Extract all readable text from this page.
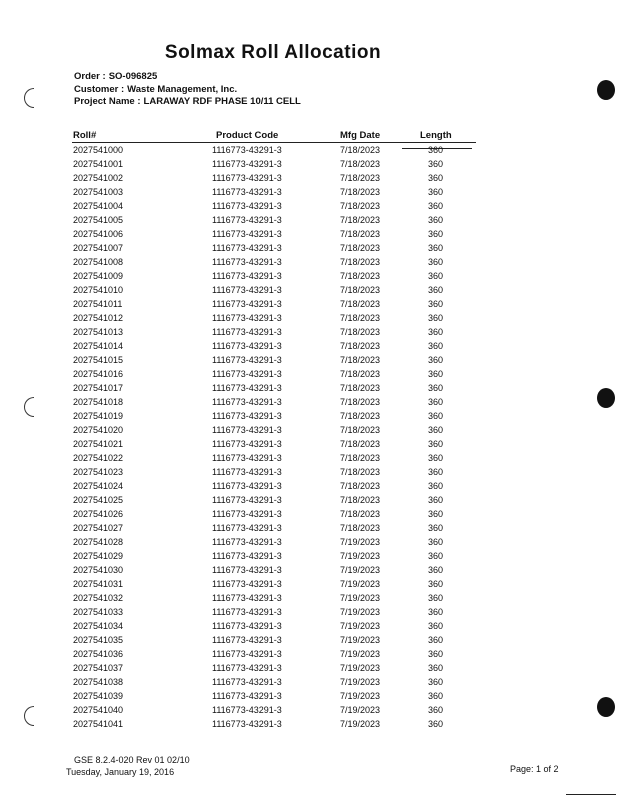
Solmax Roll Allocation
Order : SO-096825
Customer : Waste Management, Inc.
Project Name : LARAWAY RDF PHASE 10/11 CELL
Roll#	Product Code	Mfg Date	Length
2027541000	1116773-43291-3	7/18/2023	360
2027541001	1116773-43291-3	7/18/2023	360
2027541002	1116773-43291-3	7/18/2023	360
2027541003	1116773-43291-3	7/18/2023	360
2027541004	1116773-43291-3	7/18/2023	360
2027541005	1116773-43291-3	7/18/2023	360
2027541006	1116773-43291-3	7/18/2023	360
2027541007	1116773-43291-3	7/18/2023	360
2027541008	1116773-43291-3	7/18/2023	360
2027541009	1116773-43291-3	7/18/2023	360
2027541010	1116773-43291-3	7/18/2023	360
2027541011	1116773-43291-3	7/18/2023	360
2027541012	1116773-43291-3	7/18/2023	360
2027541013	1116773-43291-3	7/18/2023	360
2027541014	1116773-43291-3	7/18/2023	360
2027541015	1116773-43291-3	7/18/2023	360
2027541016	1116773-43291-3	7/18/2023	360
2027541017	1116773-43291-3	7/18/2023	360
2027541018	1116773-43291-3	7/18/2023	360
2027541019	1116773-43291-3	7/18/2023	360
2027541020	1116773-43291-3	7/18/2023	360
2027541021	1116773-43291-3	7/18/2023	360
2027541022	1116773-43291-3	7/18/2023	360
2027541023	1116773-43291-3	7/18/2023	360
2027541024	1116773-43291-3	7/18/2023	360
2027541025	1116773-43291-3	7/18/2023	360
2027541026	1116773-43291-3	7/18/2023	360
2027541027	1116773-43291-3	7/18/2023	360
2027541028	1116773-43291-3	7/19/2023	360
2027541029	1116773-43291-3	7/19/2023	360
2027541030	1116773-43291-3	7/19/2023	360
2027541031	1116773-43291-3	7/19/2023	360
2027541032	1116773-43291-3	7/19/2023	360
2027541033	1116773-43291-3	7/19/2023	360
2027541034	1116773-43291-3	7/19/2023	360
2027541035	1116773-43291-3	7/19/2023	360
2027541036	1116773-43291-3	7/19/2023	360
2027541037	1116773-43291-3	7/19/2023	360
2027541038	1116773-43291-3	7/19/2023	360
2027541039	1116773-43291-3	7/19/2023	360
2027541040	1116773-43291-3	7/19/2023	360
2027541041	1116773-43291-3	7/19/2023	360
GSE 8.2.4-020 Rev 01 02/10
Tuesday, January 19, 2016	Page: 1 of 2
